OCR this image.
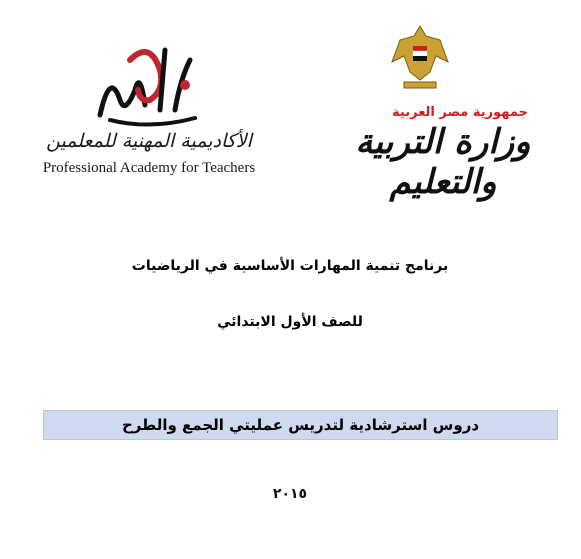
الأكاديمية المهنية للمعلمين
Professional Academy for Teachers
جمهورية مصر العربية
وزارة التربية والتعليم
برنامج تنمية المهارات الأساسية في الرياضيات
للصف الأول الابتدائي
دروس استرشادية لتدريس عمليتي الجمع والطرح
٢٠١٥
